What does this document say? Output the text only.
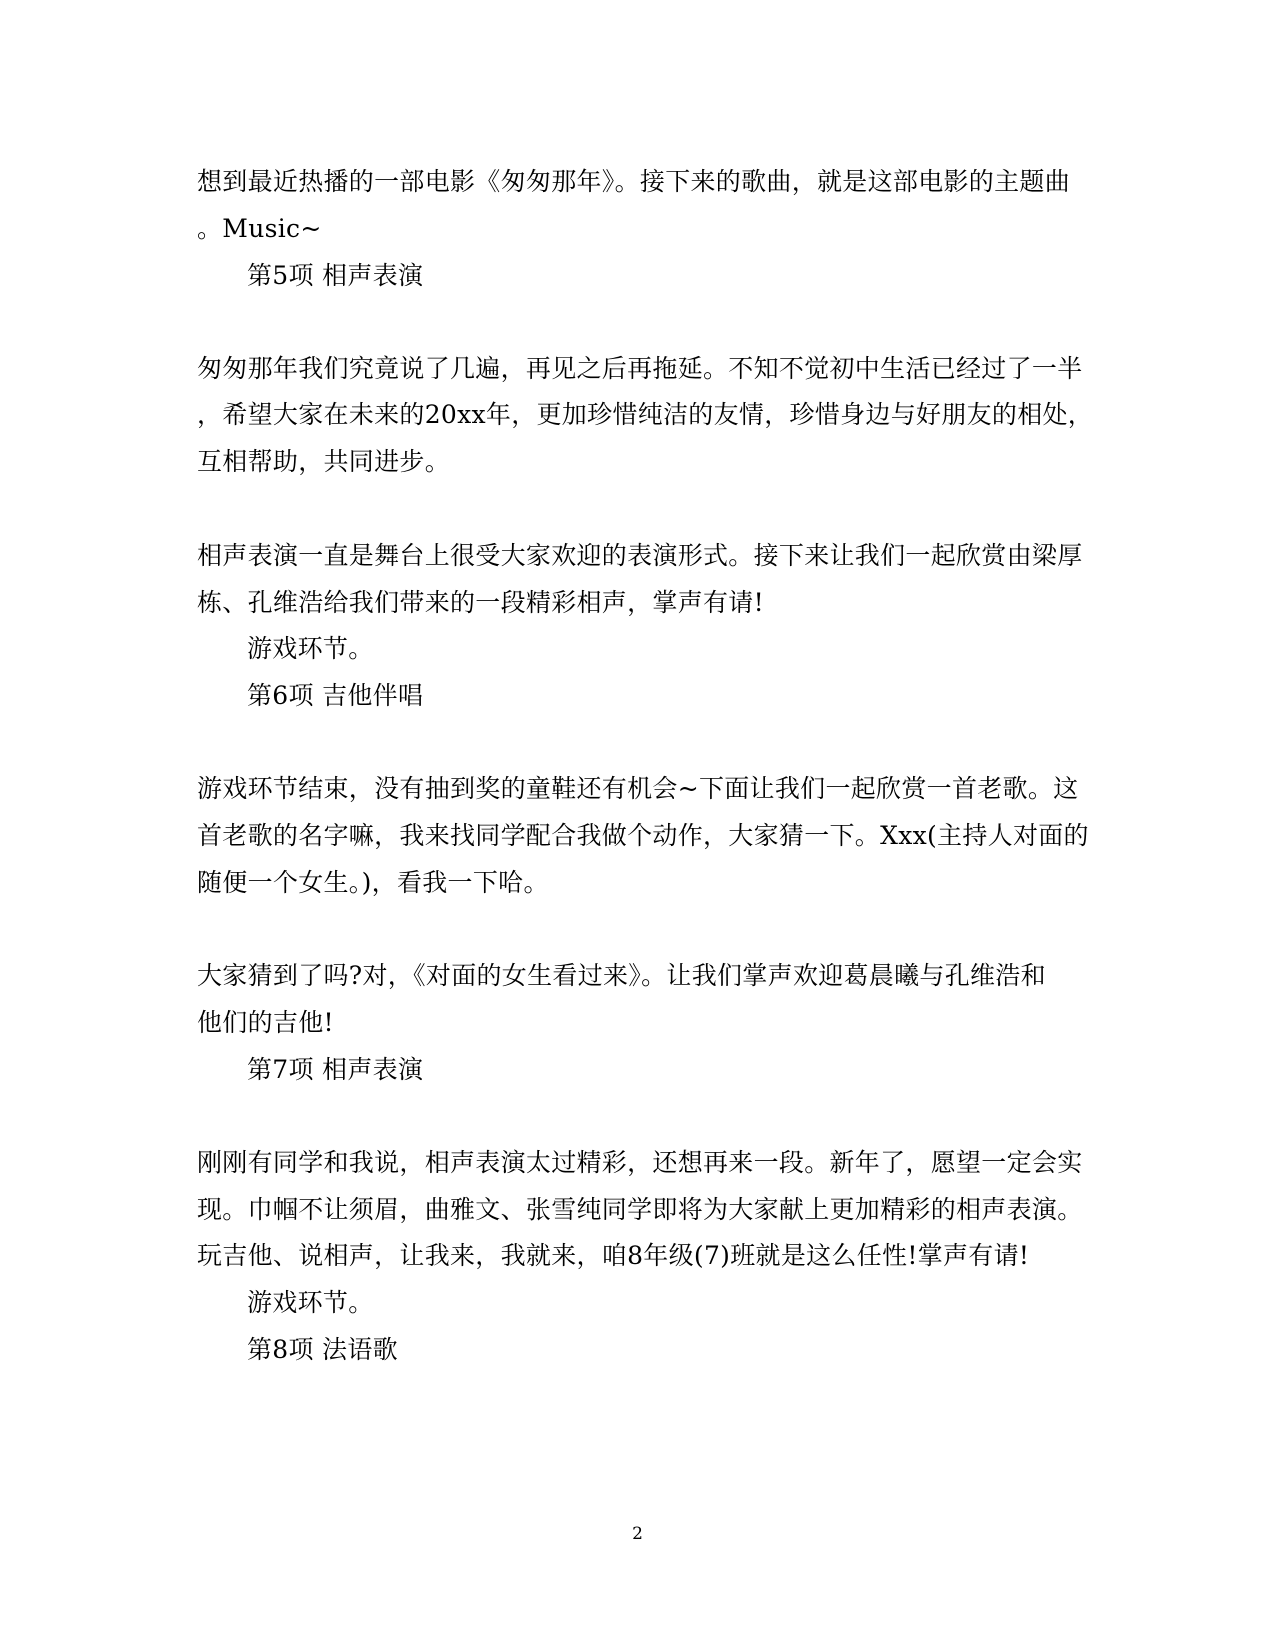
想到最近热播的一部电影《匆匆那年》。接下来的歌曲，就是这部电影的主题曲
。Music~
第5项 相声表演
匆匆那年我们究竟说了几遍，再见之后再拖延。不知不觉初中生活已经过了一半
，希望大家在未来的20xx年，更加珍惜纯洁的友情，珍惜身边与好朋友的相处，
互相帮助，共同进步。
相声表演一直是舞台上很受大家欢迎的表演形式。接下来让我们一起欣赏由梁厚
栋、孔维浩给我们带来的一段精彩相声，掌声有请!
游戏环节。
第6项 吉他伴唱
游戏环节结束，没有抽到奖的童鞋还有机会~下面让我们一起欣赏一首老歌。这
首老歌的名字嘛，我来找同学配合我做个动作，大家猜一下。Xxx(主持人对面的
随便一个女生。)，看我一下哈。
大家猜到了吗?对，《对面的女生看过来》。让我们掌声欢迎葛晨曦与孔维浩和
他们的吉他!
第7项 相声表演
刚刚有同学和我说，相声表演太过精彩，还想再来一段。新年了，愿望一定会实
现。巾帼不让须眉，曲雅文、张雪纯同学即将为大家献上更加精彩的相声表演。
玩吉他、说相声，让我来，我就来，咱8年级(7)班就是这么任性!掌声有请!
游戏环节。
第8项 法语歌
2
